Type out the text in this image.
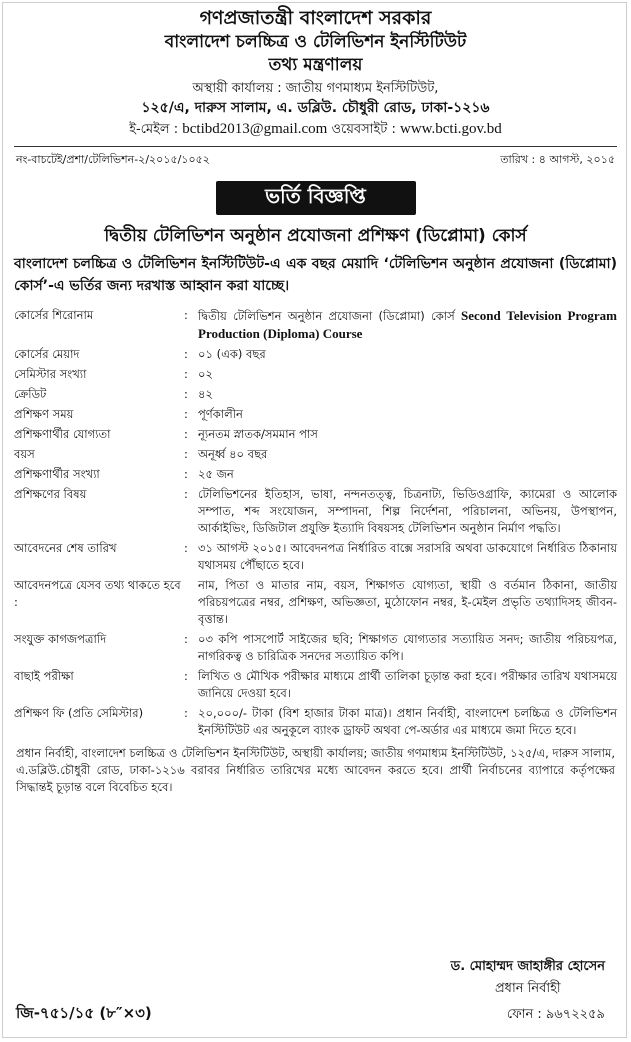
গণপ্রজাতন্ত্রী বাংলাদেশ সরকার
বাংলাদেশ চলচ্চিত্র ও টেলিভিশন ইনস্টিটিউট
তথ্য মন্ত্রণালয়
অস্থায়ী কার্যালয় : জাতীয় গণমাধ্যম ইনস্টিটিউট,
১২৫/এ, দারুস সালাম, এ. ডব্লিউ. চৌধুরী রোড, ঢাকা-১২১৬
ই-মেইল : bctibd2013@gmail.com ওয়েবসাইট : www.bcti.gov.bd
নং-বাচটেই/প্রশা/টেলিভিশন-২/২০১৫/১০৫২	তারিখ : ৪ আগস্ট, ২০১৫
ভর্তি বিজ্ঞপ্তি
দ্বিতীয় টেলিভিশন অনুষ্ঠান প্রযোজনা প্রশিক্ষণ (ডিপ্লোমা) কোর্স
বাংলাদেশ চলচ্চিত্র ও টেলিভিশন ইনস্টিটিউট-এ এক বছর মেয়াদি ‘টেলিভিশন অনুষ্ঠান প্রযোজনা (ডিপ্লোমা) কোর্স’-এ ভর্তির জন্য দরখাস্ত আহ্বান করা যাচ্ছে।
কোর্সের শিরোনাম	:	দ্বিতীয় টেলিভিশন অনুষ্ঠান প্রযোজনা (ডিপ্লোমা) কোর্স Second Television Program Production (Diploma) Course
কোর্সের মেয়াদ	:	০১ (এক) বছর
সেমিস্টার সংখ্যা	:	০২
ক্রেডিট	:	৪২
প্রশিক্ষণ সময়	:	পূর্ণকালীন
প্রশিক্ষণার্থীর যোগ্যতা	:	ন্যূনতম স্নাতক/সমমান পাস
বয়স	:	অনূর্ধ্ব ৪০ বছর
প্রশিক্ষণার্থীর সংখ্যা	:	২৫ জন
প্রশিক্ষণের বিষয়	:	টেলিভিশনের ইতিহাস, ভাষা, নন্দনতত্ত্ব, চিত্রনাট্য, ভিডিওগ্রাফি, ক্যামেরা ও আলোক সম্পাত, শব্দ সংযোজন, সম্পাদনা, শিল্প নির্দেশনা, পরিচালনা, অভিনয়, উপস্থাপন, আর্কাইভিং, ডিজিটাল প্রযুক্তি ইত্যাদি বিষয়সহ টেলিভিশন অনুষ্ঠান নির্মাণ পদ্ধতি।
আবেদনের শেষ তারিখ	:	৩১ আগস্ট ২০১৫। আবেদনপত্র নির্ধারিত বাক্সে সরাসরি অথবা ডাকযোগে নির্ধারিত ঠিকানায় যথাসময় পৌঁছাতে হবে।
আবেদনপত্রে যেসব তথ্য থাকতে হবে :		নাম, পিতা ও মাতার নাম, বয়স, শিক্ষাগত যোগ্যতা, স্থায়ী ও বর্তমান ঠিকানা, জাতীয় পরিচয়পত্রের নম্বর, প্রশিক্ষণ, অভিজ্ঞতা, মুঠোফোন নম্বর, ই-মেইল প্রভৃতি তথ্যাদিসহ জীবন-বৃত্তান্ত।
সংযুক্ত কাগজপত্রাদি	:	০৩ কপি পাসপোর্ট সাইজের ছবি; শিক্ষাগত যোগ্যতার সত্যায়িত সনদ; জাতীয় পরিচয়পত্র, নাগরিকত্ব ও চারিত্রিক সনদের সত্যায়িত কপি।
বাছাই পরীক্ষা	:	লিখিত ও মৌখিক পরীক্ষার মাধ্যমে প্রার্থী তালিকা চূড়ান্ত করা হবে। পরীক্ষার তারিখ যথাসময়ে জানিয়ে দেওয়া হবে।
প্রশিক্ষণ ফি (প্রতি সেমিস্টার)	:	২০,০০০/- টাকা (বিশ হাজার টাকা মাত্র)। প্রধান নির্বাহী, বাংলাদেশ চলচ্চিত্র ও টেলিভিশন ইনস্টিটিউট এর অনুকূলে ব্যাংক ড্রাফট অথবা পে-অর্ডার এর মাধ্যমে জমা দিতে হবে।
প্রধান নির্বাহী, বাংলাদেশ চলচ্চিত্র ও টেলিভিশন ইনস্টিটিউট, অস্থায়ী কার্যালয়; জাতীয় গণমাধ্যম ইনস্টিটিউট, ১২৫/এ, দারুস সালাম, এ.ডব্লিউ.চৌধুরী রোড, ঢাকা-১২১৬ বরাবর নির্ধারিত তারিখের মধ্যে আবেদন করতে হবে। প্রার্থী নির্বাচনের ব্যাপারে কর্তৃপক্ষের সিদ্ধান্তই চূড়ান্ত বলে বিবেচিত হবে।
ড. মোহাম্মদ জাহাঙ্গীর হোসেন
প্রধান নির্বাহী
জি-৭৫১/১৫ (৮″×৩)	ফোন : ৯৬৭২২৫৯
